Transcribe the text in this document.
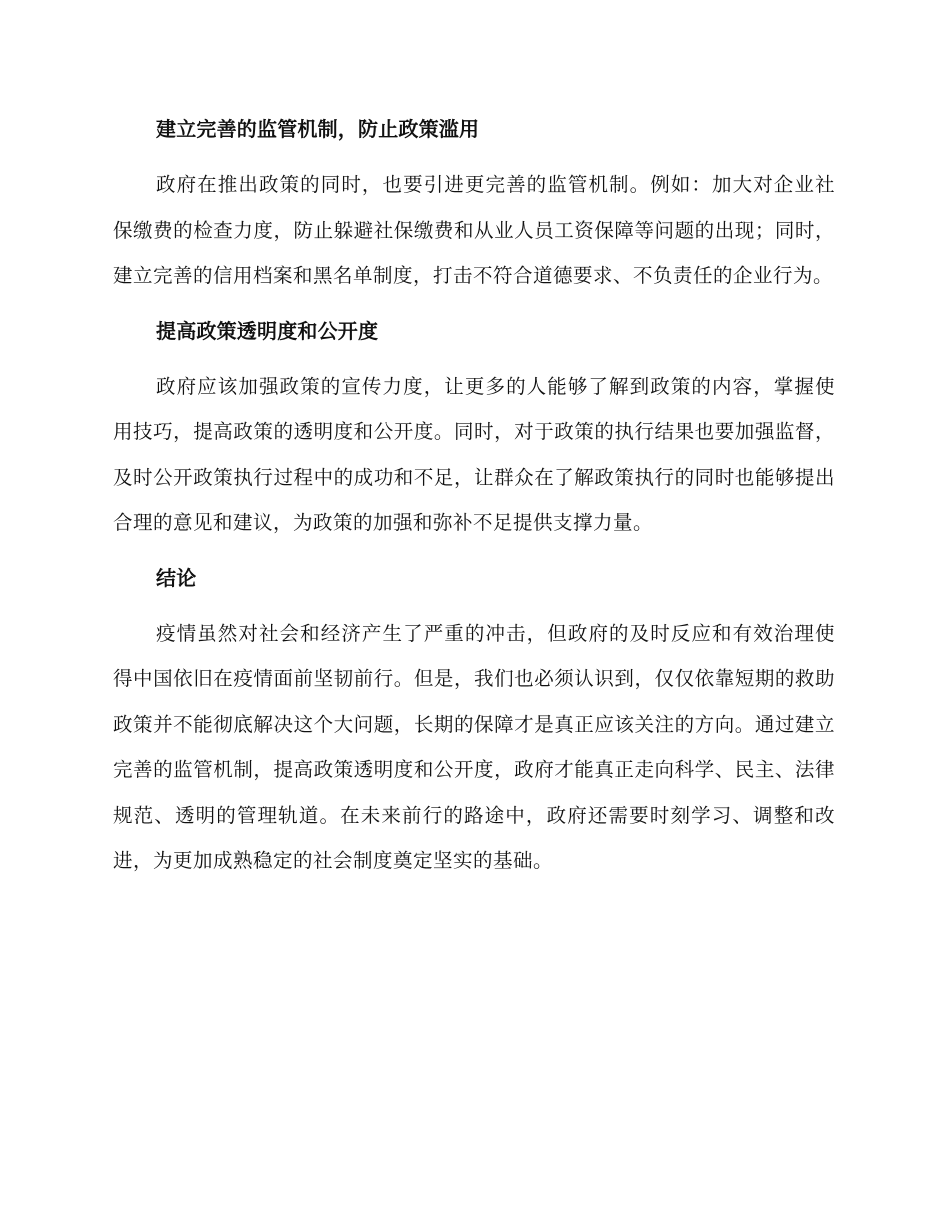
建立完善的监管机制，防止政策滥用

政府在推出政策的同时，也要引进更完善的监管机制。例如：加大对企业社保缴费的检查力度，防止躲避社保缴费和从业人员工资保障等问题的出现；同时，建立完善的信用档案和黑名单制度，打击不符合道德要求、不负责任的企业行为。

提高政策透明度和公开度

政府应该加强政策的宣传力度，让更多的人能够了解到政策的内容，掌握使用技巧，提高政策的透明度和公开度。同时，对于政策的执行结果也要加强监督，及时公开政策执行过程中的成功和不足，让群众在了解政策执行的同时也能够提出合理的意见和建议，为政策的加强和弥补不足提供支撑力量。

结论

疫情虽然对社会和经济产生了严重的冲击，但政府的及时反应和有效治理使得中国依旧在疫情面前坚韧前行。但是，我们也必须认识到，仅仅依靠短期的救助政策并不能彻底解决这个大问题，长期的保障才是真正应该关注的方向。通过建立完善的监管机制，提高政策透明度和公开度，政府才能真正走向科学、民主、法律规范、透明的管理轨道。在未来前行的路途中，政府还需要时刻学习、调整和改进，为更加成熟稳定的社会制度奠定坚实的基础。
